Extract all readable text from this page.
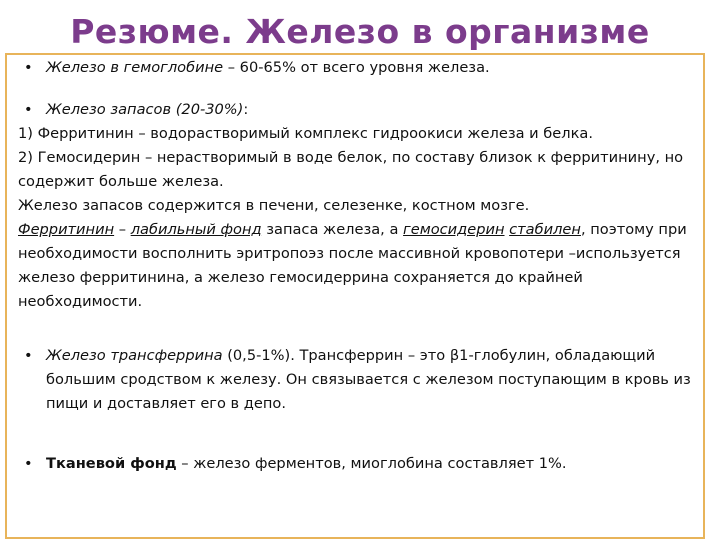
Резюме. Железо в организме
• Железо в гемоглобине – 60-65% от всего уровня железа.
• Железо запасов (20-30%):

1) Ферритинин – водорастворимый комплекс гидроокиси железа и белка.

2) Гемосидерин – нерастворимый в воде белок, по составу близок к ферритинину, но содержит больше железа.

Железо запасов содержится в печени, селезенке, костном мозге.

Ферритинин – лабильный фонд запаса железа, а гемосидерин стабилен, поэтому при необходимости восполнить эритропоэз после массивной кровопотери –используется железо ферритинина, а железо гемосидеррина сохраняется до крайней необходимости.

• Железо трансферрина (0,5-1%). Трансферрин – это β1-глобулин, обладающий большим сродством к железу. Он связывается с железом поступающим в кровь из пищи и доставляет его в депо.
• Тканевой фонд – железо ферментов, миоглобина составляет 1%.
